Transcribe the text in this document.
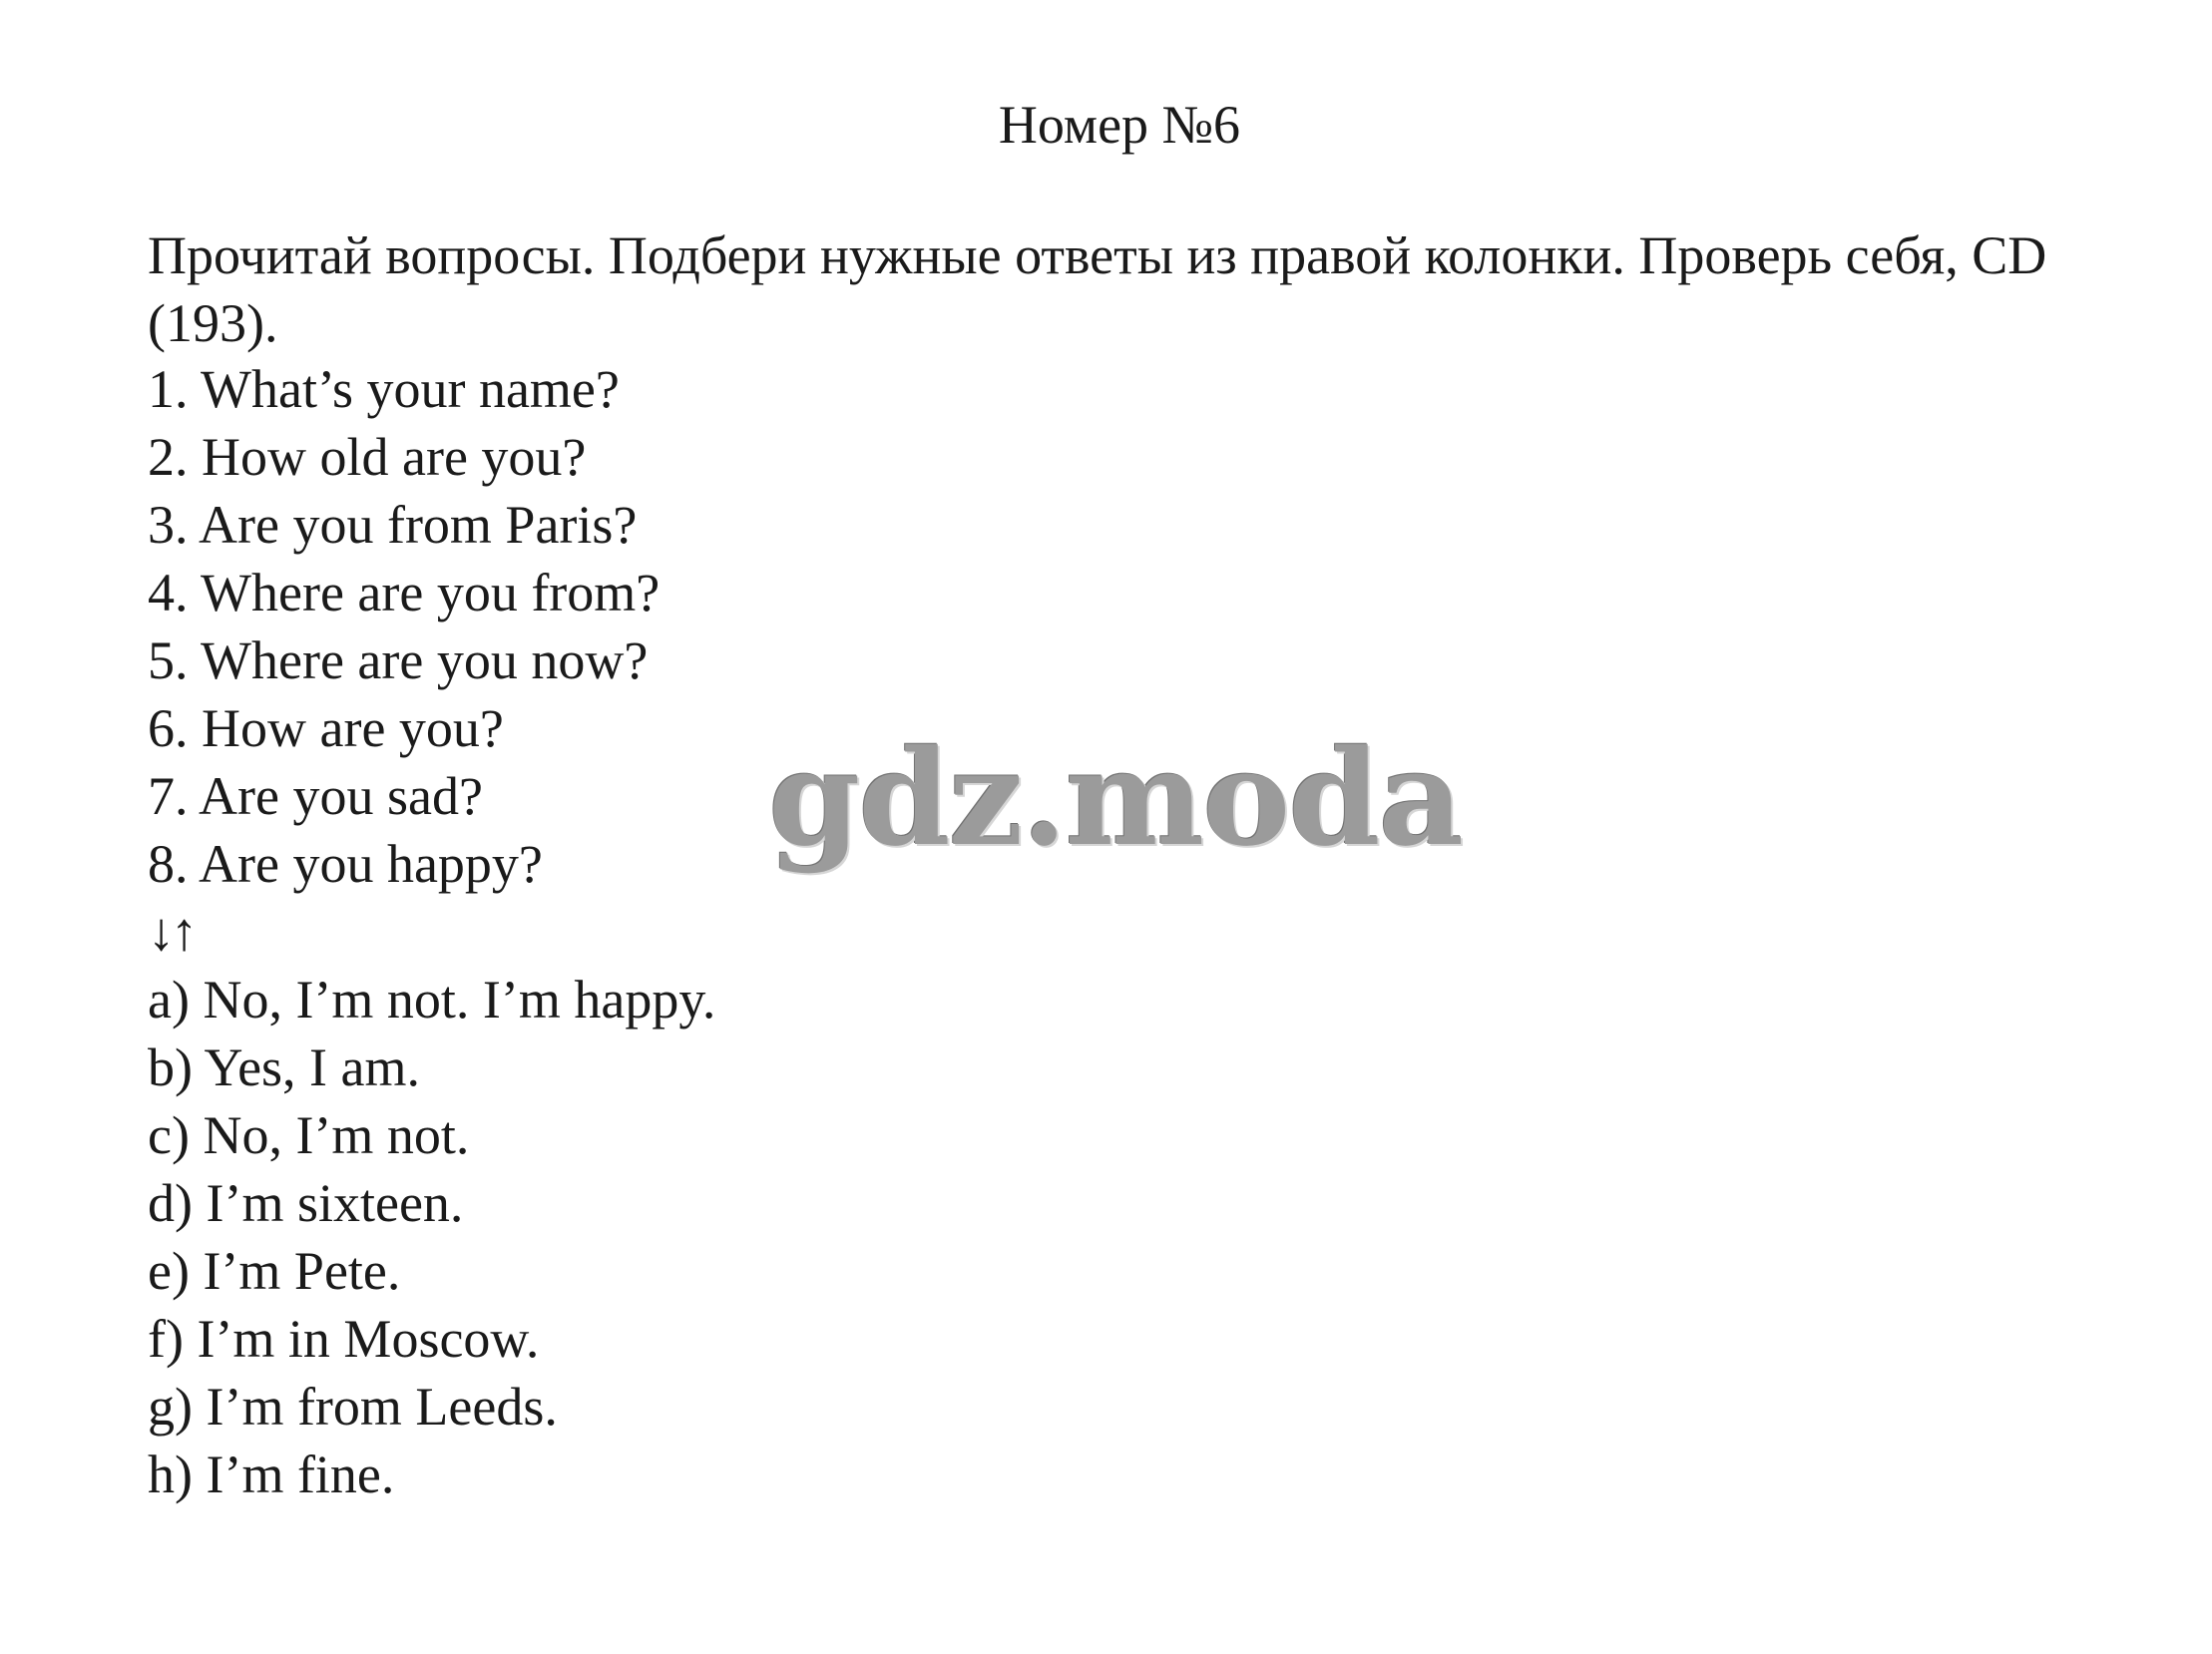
Номер №6
Прочитай вопросы. Подбери нужные ответы из правой колонки. Проверь себя, CD (193).
1. What’s your name?
2. How old are you?
3. Are you from Paris?
4. Where are you from?
5. Where are you now?
6. How are you?
7. Are you sad?
8. Are you happy?
↓↑
a) No, I’m not. I’m happy.
b) Yes, I am.
c) No, I’m not.
d) I’m sixteen.
e) I’m Pete.
f) I’m in Moscow.
g) I’m from Leeds.
h) I’m fine.
gdz.moda
